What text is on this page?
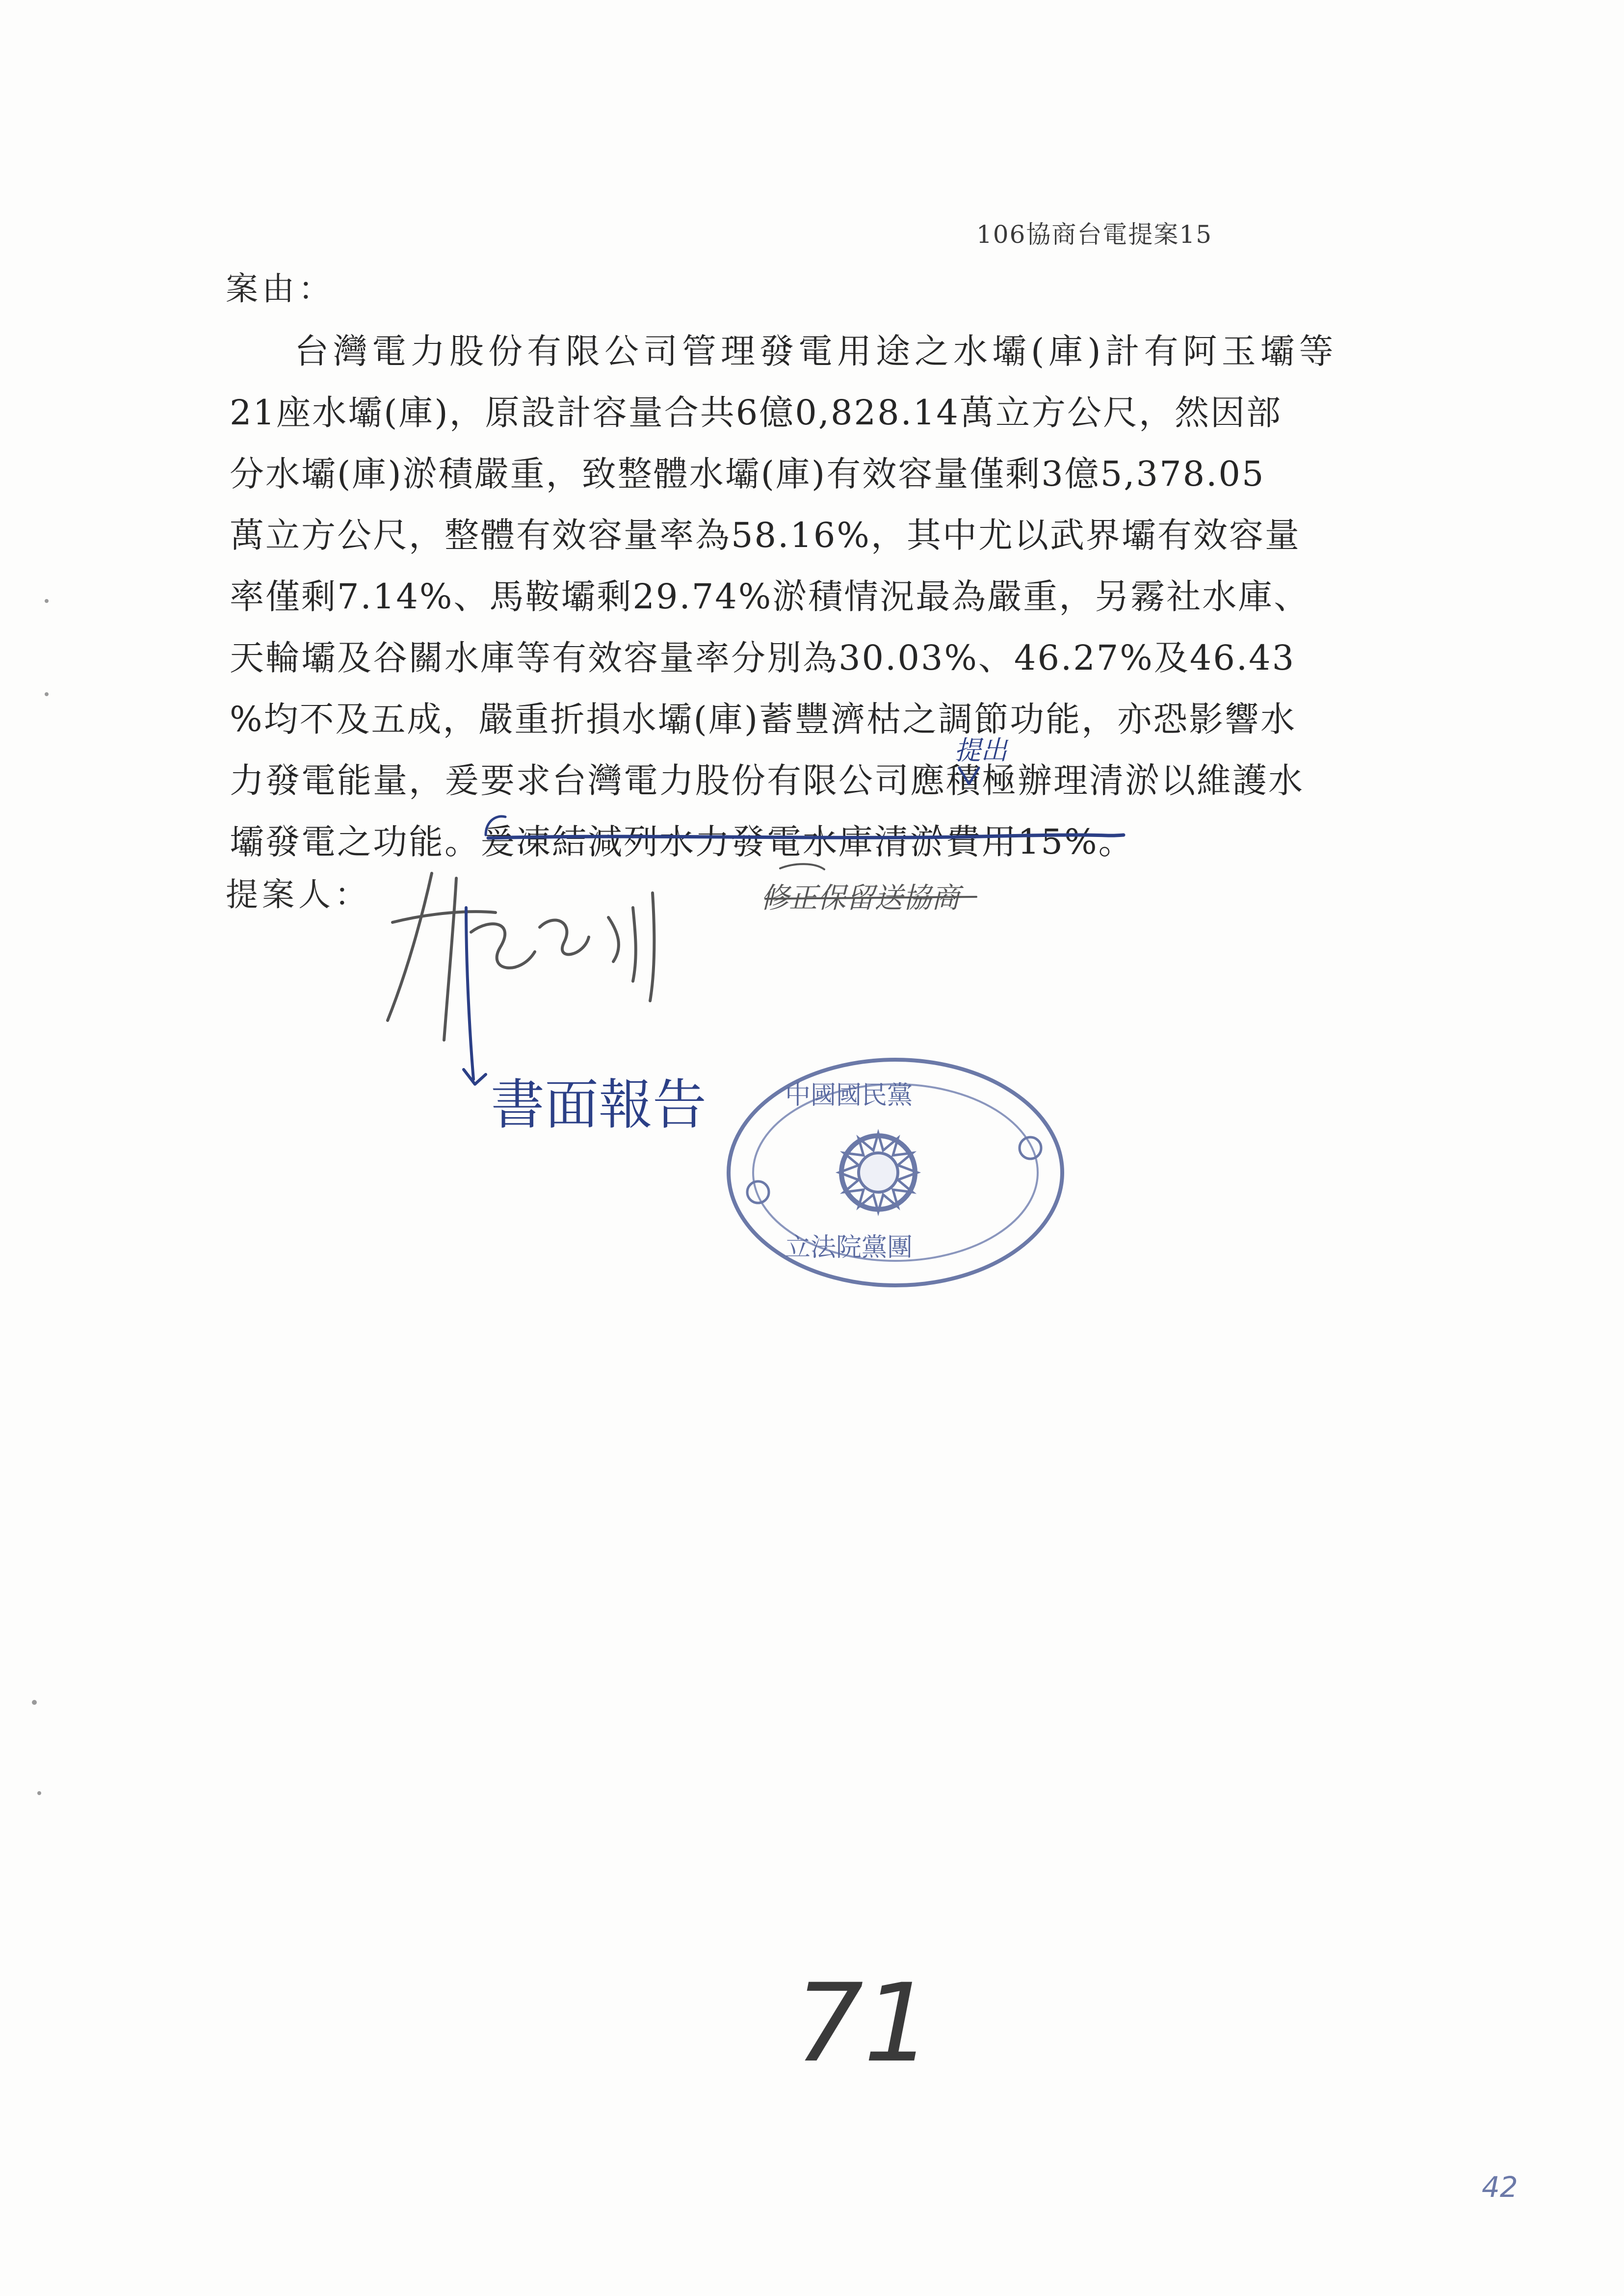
106協商台電提案15
案由：
台灣電力股份有限公司管理發電用途之水壩(庫)計有阿玉壩等
21座水壩(庫)，原設計容量合共6億0,828.14萬立方公尺，然因部
分水壩(庫)淤積嚴重，致整體水壩(庫)有效容量僅剩3億5,378.05
萬立方公尺，整體有效容量率為58.16%，其中尤以武界壩有效容量
率僅剩7.14%、馬鞍壩剩29.74%淤積情況最為嚴重，另霧社水庫、
天輪壩及谷關水庫等有效容量率分別為30.03%、46.27%及46.43
%均不及五成，嚴重折損水壩(庫)蓄豐濟枯之調節功能，亦恐影響水
力發電能量，爰要求台灣電力股份有限公司應積極辦理清淤以維護水
壩發電之功能。爰凍結減列水力發電水庫清淤費用15%。
提案人：
提出
修正保留送協商
書面報告	中國國民黨
立法院黨團
71
42
